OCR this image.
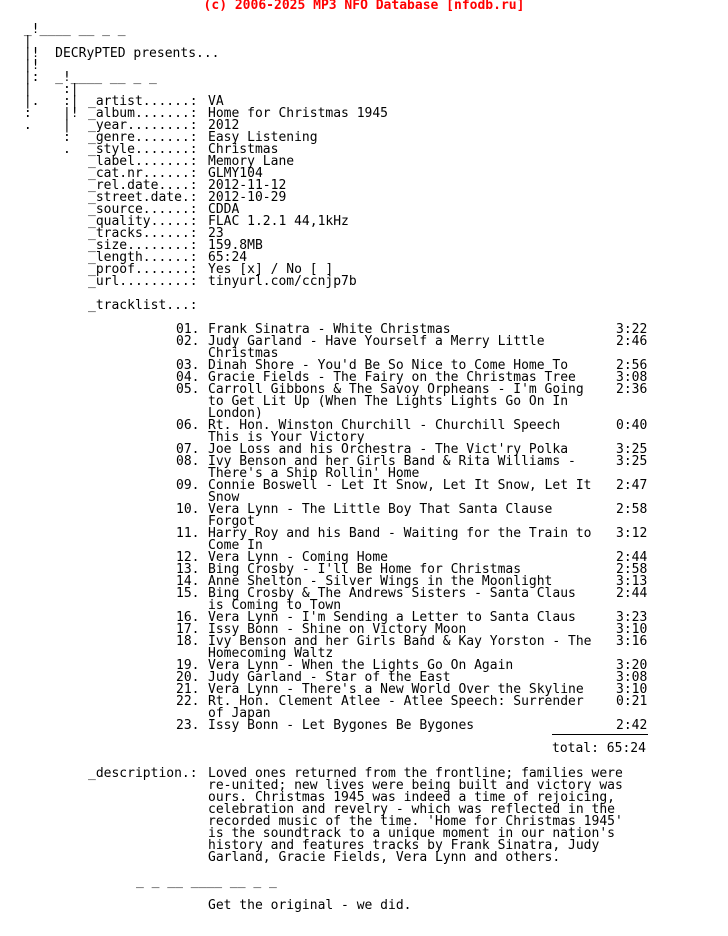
(c) 2006-2025 MP3 NFO Database [nfodb.ru]
_!____ __ _ _
|
|!  DECRyPTED presents...
|!
|:  _!____ __ _ _
|    :|
|.   :|
:    |!
.    |
:
.
_artist......: VA
_album.......: Home for Christmas 1945
_year........: 2012
_genre.......: Easy Listening
_style.......: Christmas
_label.......: Memory Lane
_cat.nr......: GLMY104
_rel.date....: 2012-11-12
_street.date.: 2012-10-29
_source......: CDDA
_quality.....: FLAC 1.2.1 44,1kHz
_tracks......: 23
_size........: 159.8MB
_length......: 65:24
_proof.......: Yes [x] / No [ ]
_url.........: tinyurl.com/ccnjp7b
_tracklist...:
01. Frank Sinatra - White Christmas	3:22
02. Judy Garland - Have Yourself a Merry Little	2:46
Christmas
03. Dinah Shore - You'd Be So Nice to Come Home To	2:56
04. Gracie Fields - The Fairy on the Christmas Tree	3:08
05. Carroll Gibbons & The Savoy Orpheans - I'm Going 2:36
to Get Lit Up (When The Lights Lights Go On In
London)
06. Rt. Hon. Winston Churchill - Churchill Speech	0:40
This is Your Victory
07. Joe Loss and his Orchestra - The Vict'ry Polka	3:25
08. Ivy Benson and her Girls Band & Rita Williams -	3:25
There's a Ship Rollin' Home
09. Connie Boswell - Let It Snow, Let It Snow, Let It 2:47
Snow
10. Vera Lynn - The Little Boy That Santa Clause	2:58
Forgot
11. Harry Roy and his Band - Waiting for the Train to 3:12
Come In
12. Vera Lynn - Coming Home	2:44
13. Bing Crosby - I'll Be Home for Christmas	2:58
14. Anne Shelton - Silver Wings in the Moonlight	3:13
15. Bing Crosby & The Andrews Sisters - Santa Claus	2:44
is Coming to Town
16. Vera Lynn - I'm Sending a Letter to Santa Claus	3:23
17. Issy Bonn - Shine on Victory Moon	3:10
18. Ivy Benson and her Girls Band & Kay Yorston - The 3:16
Homecoming Waltz
19. Vera Lynn - When the Lights Go On Again	3:20
20. Judy Garland - Star of the East	3:08
21. Vera Lynn - There's a New World Over the Skyline 3:10
22. Rt. Hon. Clement Atlee - Atlee Speech: Surrender 0:21
of Japan
23. Issy Bonn - Let Bygones Be Bygones	2:42
total: 65:24
_description.: Loved ones returned from the frontline; families were
re-united; new lives were being built and victory was
ours. Christmas 1945 was indeed a time of rejoicing,
celebration and revelry - which was reflected in the
recorded music of the time. 'Home for Christmas 1945'
is the soundtrack to a unique moment in our nation's
history and features tracks by Frank Sinatra, Judy
Garland, Gracie Fields, Vera Lynn and others.
_ _ __ ____ __ _ _
Get the original - we did.
